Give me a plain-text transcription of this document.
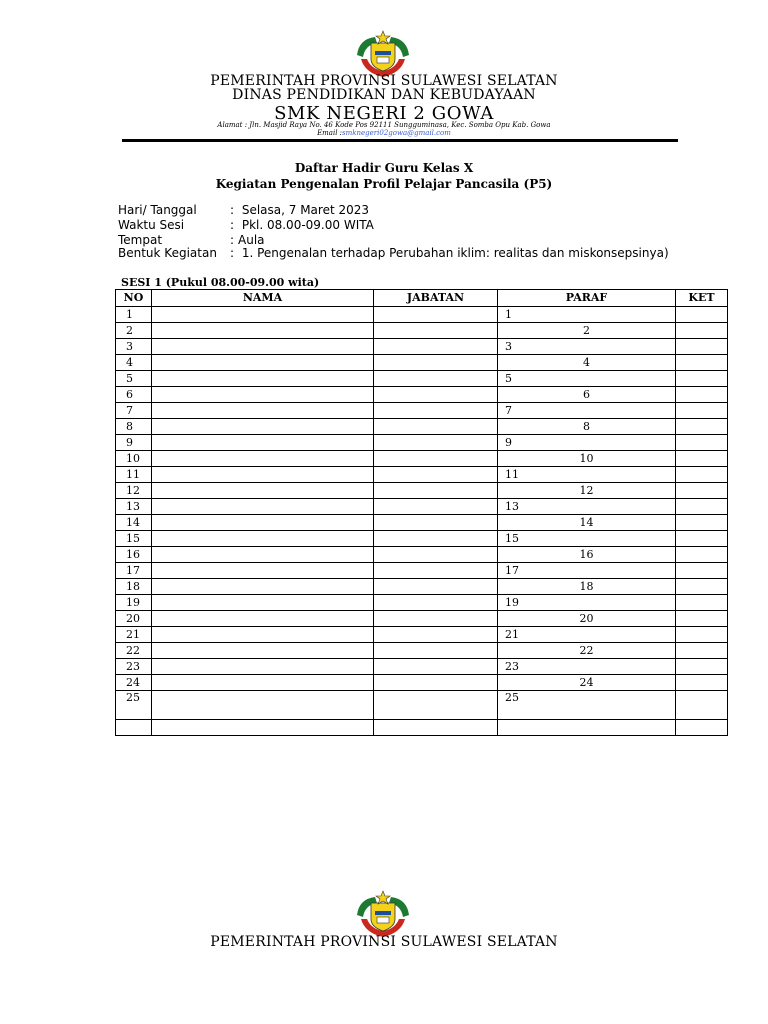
PEMERINTAH PROVINSI SULAWESI SELATAN
DINAS PENDIDIKAN DAN KEBUDAYAAN
SMK NEGERI 2 GOWA
Alamat : Jln. Masjid Raya No. 46 Kode Pos 92111 Sungguminasa, Kec. Somba Opu Kab. Gowa
Email :smknegeri02gowa@gmail.com
Daftar Hadir Guru Kelas X
Kegiatan Pengenalan Profil Pelajar Pancasila (P5)
Hari/ Tanggal	: Selasa, 7 Maret 2023
Waktu Sesi	: Pkl. 08.00-09.00 WITA
Tempat	: Aula
Bentuk Kegiatan : 1. Pengenalan terhadap Perubahan iklim: realitas dan miskonsepsinya)
SESI 1 (Pukul 08.00-09.00 wita)
NO	NAMA	JABATAN	PARAF	KET
1			1	
2			2	
3			3	
4			4	
5			5	
6			6	
7			7	
8			8	
9			9	
10			10	
11			11	
12			12	
13			13	
14			14	
15			15	
16			16	
17			17	
18			18	
19			19	
20			20	
21			21	
22			22	
23			23	
24			24	
25			25	

PEMERINTAH PROVINSI SULAWESI SELATAN
